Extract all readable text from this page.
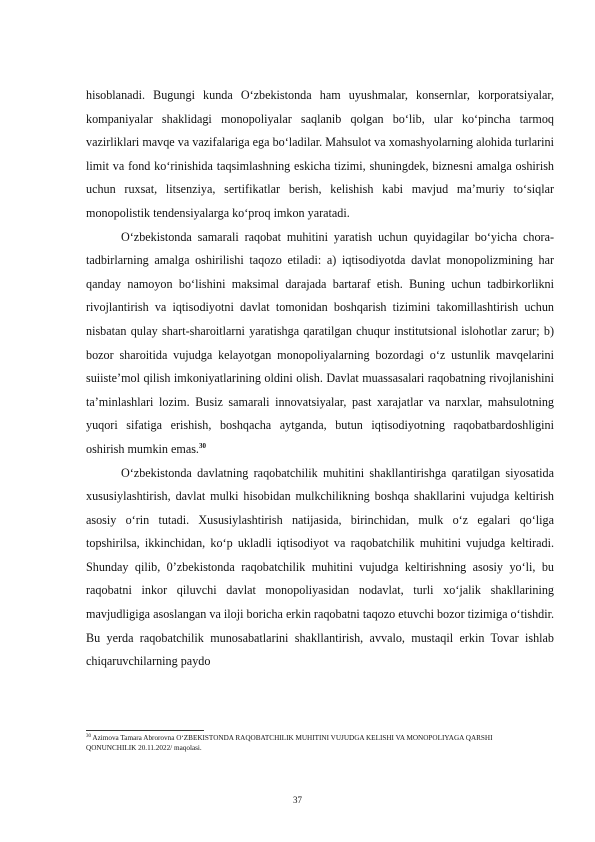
hisoblanadi. Bugungi kunda O‘zbekistonda ham uyushmalar, konsernlar, korporatsiyalar, kompaniyalar shaklidagi monopoliyalar saqlanib qolgan bo‘lib, ular ko‘pincha tarmoq vazirliklari mavqe va vazifalariga ega bo‘ladilar. Mahsulot va xomashyolarning alohida turlarini limit va fond ko‘rinishida taqsimlashning eskicha tizimi, shuningdek, biznesni amalga oshirish uchun ruxsat, litsenziya, sertifikatlar berish, kelishish kabi mavjud ma’muriy to‘siqlar monopolistik tendensiyalarga ko‘proq imkon yaratadi.

O‘zbekistonda samarali raqobat muhitini yaratish uchun quyidagilar bo‘yicha chora-tadbirlarning amalga oshirilishi taqozo etiladi: a) iqtisodiyotda davlat monopolizmining har qanday namoyon bo‘lishini maksimal darajada bartaraf etish. Buning uchun tadbirkorlikni rivojlantirish va iqtisodiyotni davlat tomonidan boshqarish tizimini takomillashtirish uchun nisbatan qulay shart-sharoitlarni yaratishga qaratilgan chuqur institutsional islohotlar zarur; b) bozor sharoitida vujudga kelayotgan monopoliyalarning bozordagi o‘z ustunlik mavqelarini suiiste’mol qilish imkoniyatlarining oldini olish. Davlat muassasalari raqobatning rivojlanishini ta’minlashlari lozim. Busiz samarali innovatsiyalar, past xarajatlar va narxlar, mahsulotning yuqori sifatiga erishish, boshqacha aytganda, butun iqtisodiyotning raqobatbardoshligini oshirish mumkin emas.$^{30}$

O‘zbekistonda davlatning raqobatchilik muhitini shakllantirishga qaratilgan siyosatida xususiylashtirish, davlat mulki hisobidan mulkchilikning boshqa shakllarini vujudga keltirish asosiy o‘rin tutadi. Xususiylashtirish natijasida, birinchidan, mulk o‘z egalari qo‘liga topshirilsa, ikkinchidan, ko‘p ukladli iqtisodiyot va raqobatchilik muhitini vujudga keltiradi. Shunday qilib, 0’zbekistonda raqobatchilik muhitini vujudga keltirishning asosiy yo‘li, bu raqobatni inkor qiluvchi davlat monopoliyasidan nodavlat, turli xo‘jalik shakllarining mavjudligiga asoslangan va iloji boricha erkin raqobatni taqozo etuvchi bozor tizimiga o‘tishdir. Bu yerda raqobatchilik munosabatlarini shakllantirish, avvalo, mustaqil erkin Tovar ishlab chiqaruvchilarning paydo

$^{30}$ Azimova Tamara Abrorovna O‘ZBEKISTONDA RAQOBATCHILIK MUHITINI VUJUDGA KELISHI VA MONOPOLIYAGA QARSHI QONUNCHILIK 20.11.2022/ maqolasi.

37
